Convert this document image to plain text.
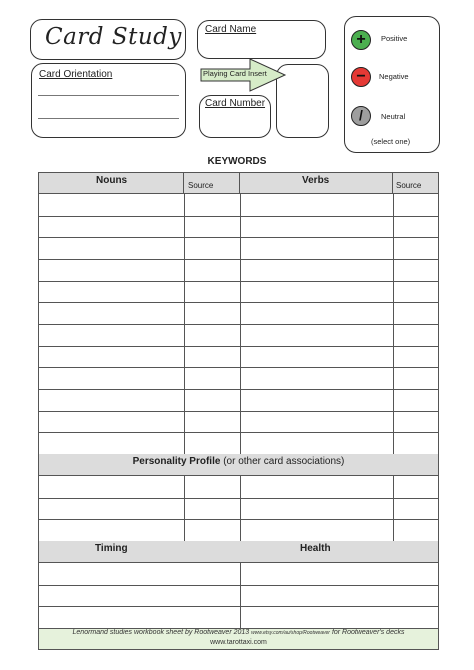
Card Study Card Name
Card Orientation	Playing Card Insert
Card Number
+	Positive
−	Negative
/	Neutral
(select one)
KEYWORDS
Nouns	Source	Verbs	Source
Personality Profile (or other card associations)
Timing	Health
Lenormand studies workbook sheet by Rootweaver 2013 www.etsy.com/au/shop/Rootweaver for Rootweaver's decks
www.tarottaxi.com
